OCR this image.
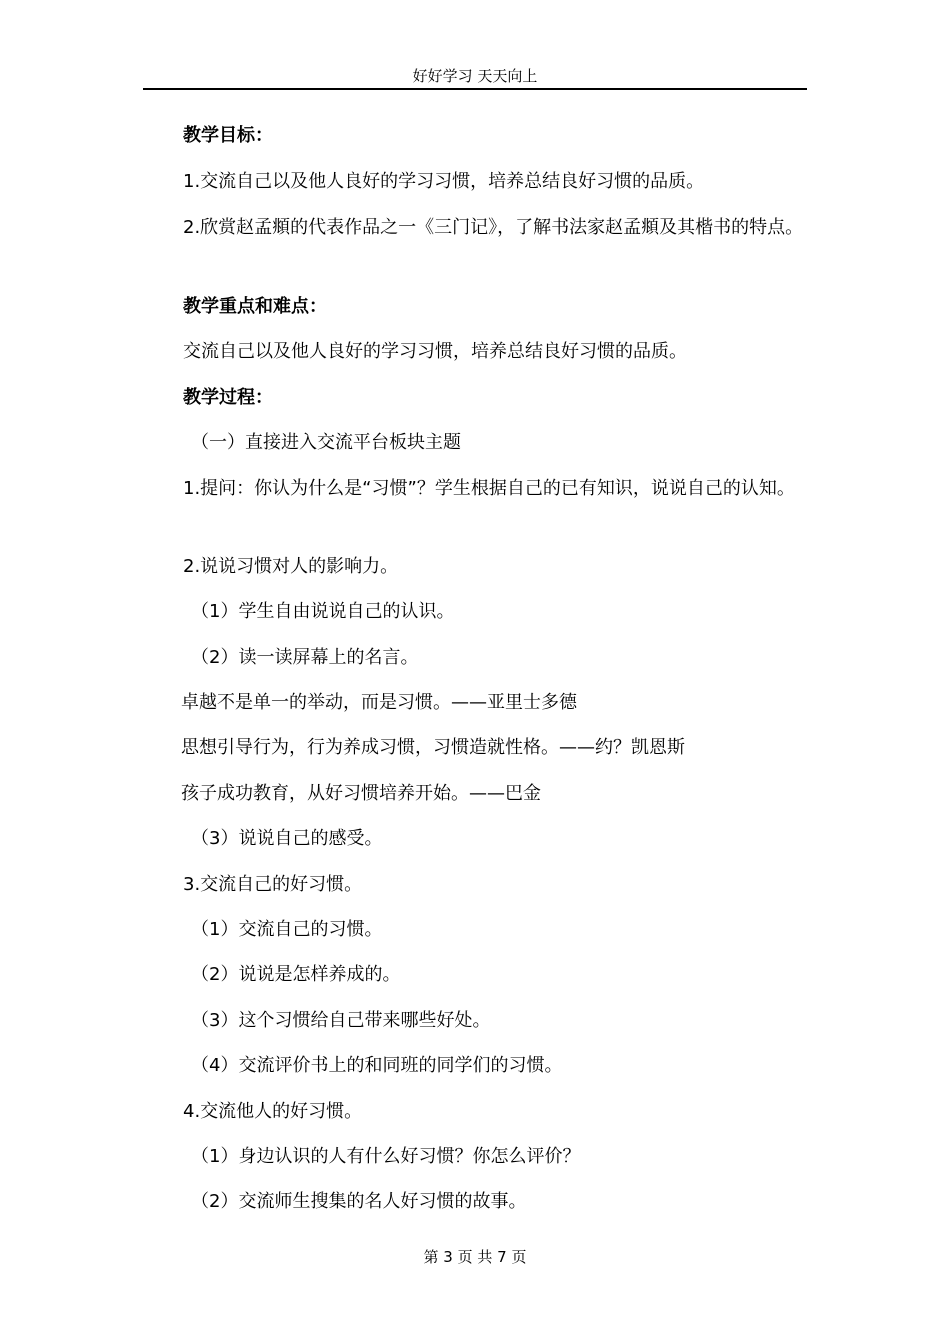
好好学习 天天向上
教学目标：
1.交流自己以及他人良好的学习习惯，培养总结良好习惯的品质。
2.欣赏赵孟頫的代表作品之一《三门记》，了解书法家赵孟頫及其楷书的特点。
教学重点和难点：
交流自己以及他人良好的学习习惯，培养总结良好习惯的品质。
教学过程：
（一）直接进入交流平台板块主题
1.提问：你认为什么是“习惯”？学生根据自己的已有知识，说说自己的认知。
2.说说习惯对人的影响力。
（1）学生自由说说自己的认识。
（2）读一读屏幕上的名言。
卓越不是单一的举动，而是习惯。——亚里士多德
思想引导行为，行为养成习惯，习惯造就性格。——约？凯恩斯
孩子成功教育，从好习惯培养开始。——巴金
（3）说说自己的感受。
3.交流自己的好习惯。
（1）交流自己的习惯。
（2）说说是怎样养成的。
（3）这个习惯给自己带来哪些好处。
（4）交流评价书上的和同班的同学们的习惯。
4.交流他人的好习惯。
（1）身边认识的人有什么好习惯？你怎么评价？
（2）交流师生搜集的名人好习惯的故事。
第 3 页 共 7 页
